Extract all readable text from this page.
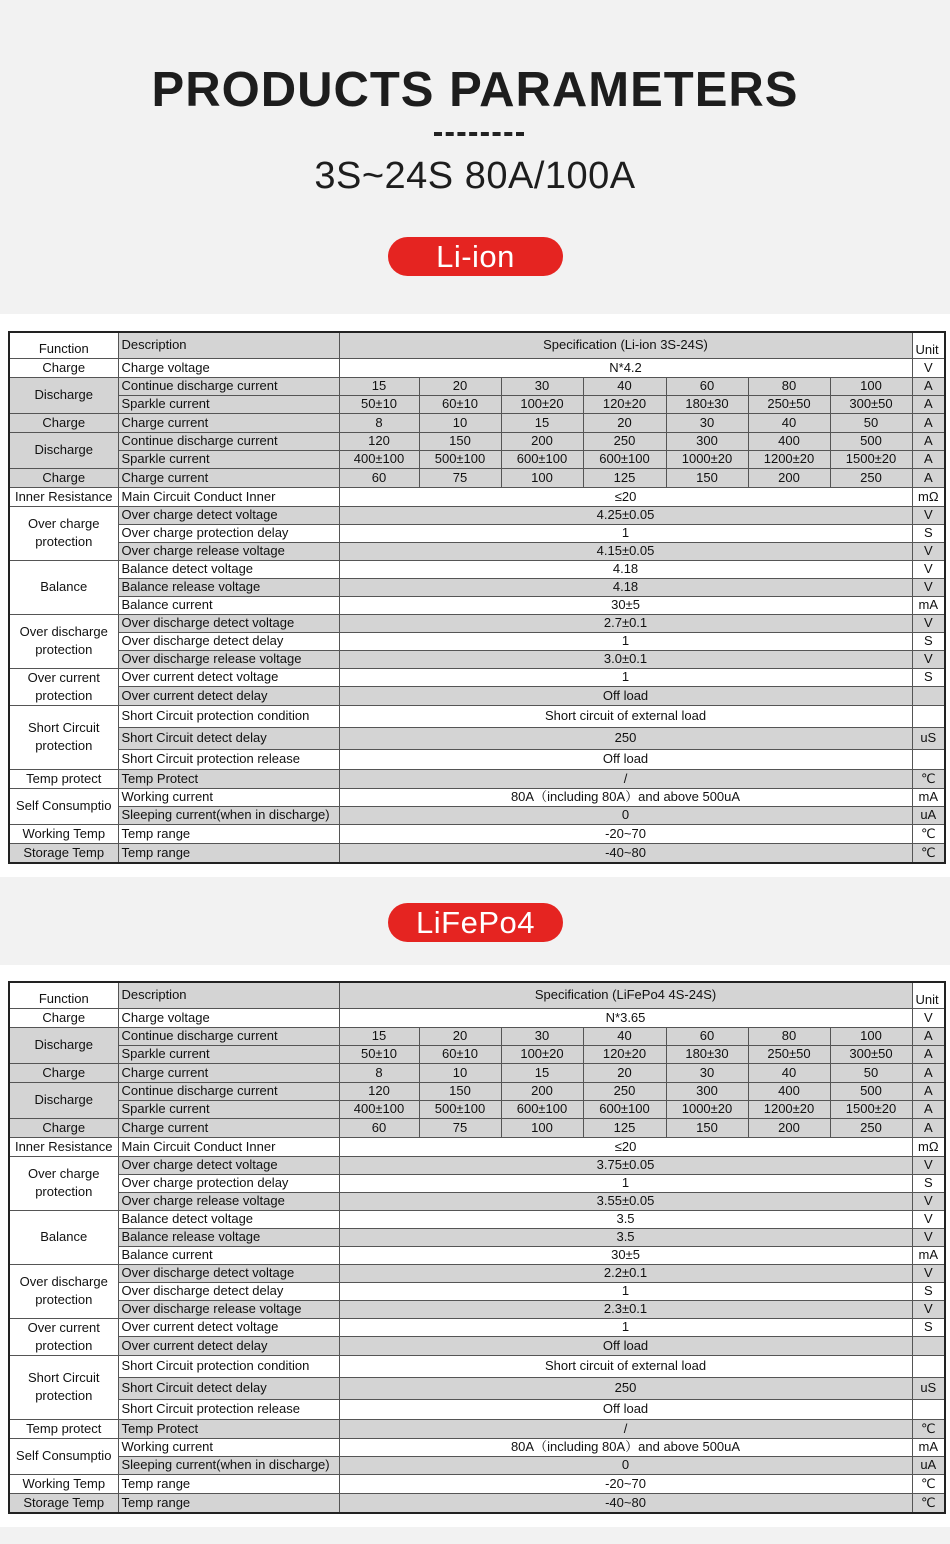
PRODUCTS PARAMETERS
3S~24S 80A/100A
Li-ion
LiFePo4
Function	Description	Specification (Li-ion 3S-24S)							Unit
Charge	Charge voltage	N*4.2							V
Discharge	Continue discharge current	15	20	30	40	60	80	100	A
	Sparkle current	50±10	60±10	100±20	120±20	180±30	250±50	300±50	A
Charge	Charge current	8	10	15	20	30	40	50	A
Discharge	Continue discharge current	120	150	200	250	300	400	500	A
	Sparkle current	400±100	500±100	600±100	600±100	1000±20	1200±20	1500±20	A
Charge	Charge current	60	75	100	125	150	200	250	A
Inner Resistance	Main Circuit Conduct Inner	≤20							mΩ
Over charge protection	Over charge detect voltage	4.25±0.05							V
	Over charge protection delay	1							S
	Over charge release voltage	4.15±0.05							V
Balance	Balance detect voltage	4.18							V
	Balance release voltage	4.18							V
	Balance current	30±5							mA
Over discharge protection	Over discharge detect voltage	2.7±0.1							V
	Over discharge detect delay	1							S
	Over discharge release voltage	3.0±0.1							V
Over current protection	Over current detect voltage	1							S
	Over current detect delay	Off load							
Short Circuit protection	Short Circuit protection condition	Short circuit of external load							
	Short Circuit detect delay	250							uS
	Short Circuit protection release	Off load							
Temp protect	Temp Protect	/							℃
Self Consumptio	Working current	80A（including 80A）and above 500uA							mA
	Sleeping current(when in discharge)	0							uA
Working Temp	Temp range	-20~70							℃
Storage Temp	Temp range	-40~80							℃
Function	Description	Specification (LiFePo4 4S-24S)							Unit
Charge	Charge voltage	N*3.65							V
Discharge	Continue discharge current	15	20	30	40	60	80	100	A
	Sparkle current	50±10	60±10	100±20	120±20	180±30	250±50	300±50	A
Charge	Charge current	8	10	15	20	30	40	50	A
Discharge	Continue discharge current	120	150	200	250	300	400	500	A
	Sparkle current	400±100	500±100	600±100	600±100	1000±20	1200±20	1500±20	A
Charge	Charge current	60	75	100	125	150	200	250	A
Inner Resistance	Main Circuit Conduct Inner	≤20							mΩ
Over charge protection	Over charge detect voltage	3.75±0.05							V
	Over charge protection delay	1							S
	Over charge release voltage	3.55±0.05							V
Balance	Balance detect voltage	3.5							V
	Balance release voltage	3.5							V
	Balance current	30±5							mA
Over discharge protection	Over discharge detect voltage	2.2±0.1							V
	Over discharge detect delay	1							S
	Over discharge release voltage	2.3±0.1							V
Over current protection	Over current detect voltage	1							S
	Over current detect delay	Off load							
Short Circuit protection	Short Circuit protection condition	Short circuit of external load							
	Short Circuit detect delay	250							uS
	Short Circuit protection release	Off load							
Temp protect	Temp Protect	/							℃
Self Consumptio	Working current	80A（including 80A）and above 500uA							mA
	Sleeping current(when in discharge)	0							uA
Working Temp	Temp range	-20~70							℃
Storage Temp	Temp range	-40~80							℃
